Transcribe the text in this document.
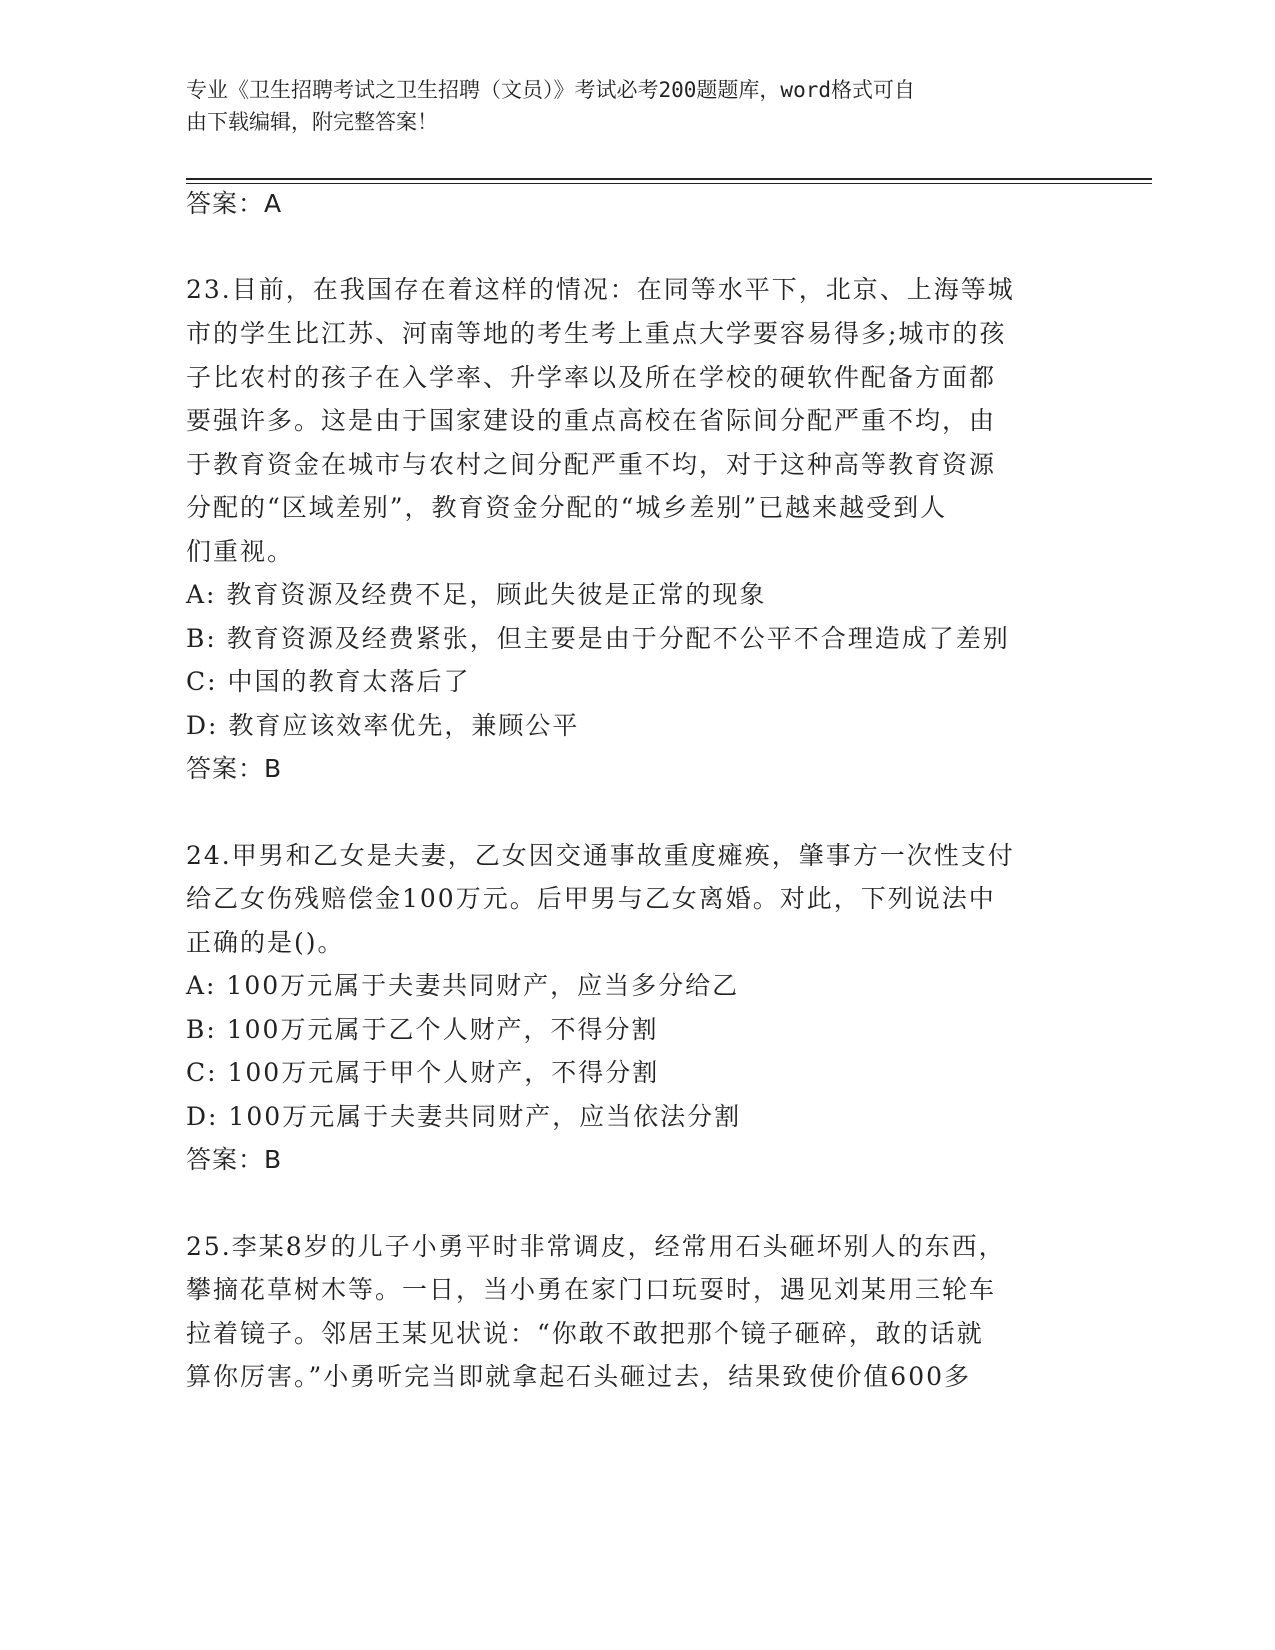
专业《卫生招聘考试之卫生招聘（文员）》考试必考200题题库，word格式可自
由下载编辑，附完整答案！
答案：A
23.目前，在我国存在着这样的情况：在同等水平下，北京、上海等城
市的学生比江苏、河南等地的考生考上重点大学要容易得多;城市的孩
子比农村的孩子在入学率、升学率以及所在学校的硬软件配备方面都
要强许多。这是由于国家建设的重点高校在省际间分配严重不均，由
于教育资金在城市与农村之间分配严重不均，对于这种高等教育资源
分配的“区域差别”，教育资金分配的“城乡差别”已越来越受到人
们重视。
A: 教育资源及经费不足，顾此失彼是正常的现象
B: 教育资源及经费紧张，但主要是由于分配不公平不合理造成了差别
C: 中国的教育太落后了
D: 教育应该效率优先，兼顾公平
答案：B
24.甲男和乙女是夫妻，乙女因交通事故重度瘫痪，肇事方一次性支付
给乙女伤残赔偿金100万元。后甲男与乙女离婚。对此，下列说法中
正确的是()。
A: 100万元属于夫妻共同财产，应当多分给乙
B: 100万元属于乙个人财产，不得分割
C: 100万元属于甲个人财产，不得分割
D: 100万元属于夫妻共同财产，应当依法分割
答案：B
25.李某8岁的儿子小勇平时非常调皮，经常用石头砸坏别人的东西，
攀摘花草树木等。一日，当小勇在家门口玩耍时，遇见刘某用三轮车
拉着镜子。邻居王某见状说：“你敢不敢把那个镜子砸碎，敢的话就
算你厉害。”小勇听完当即就拿起石头砸过去，结果致使价值600多
